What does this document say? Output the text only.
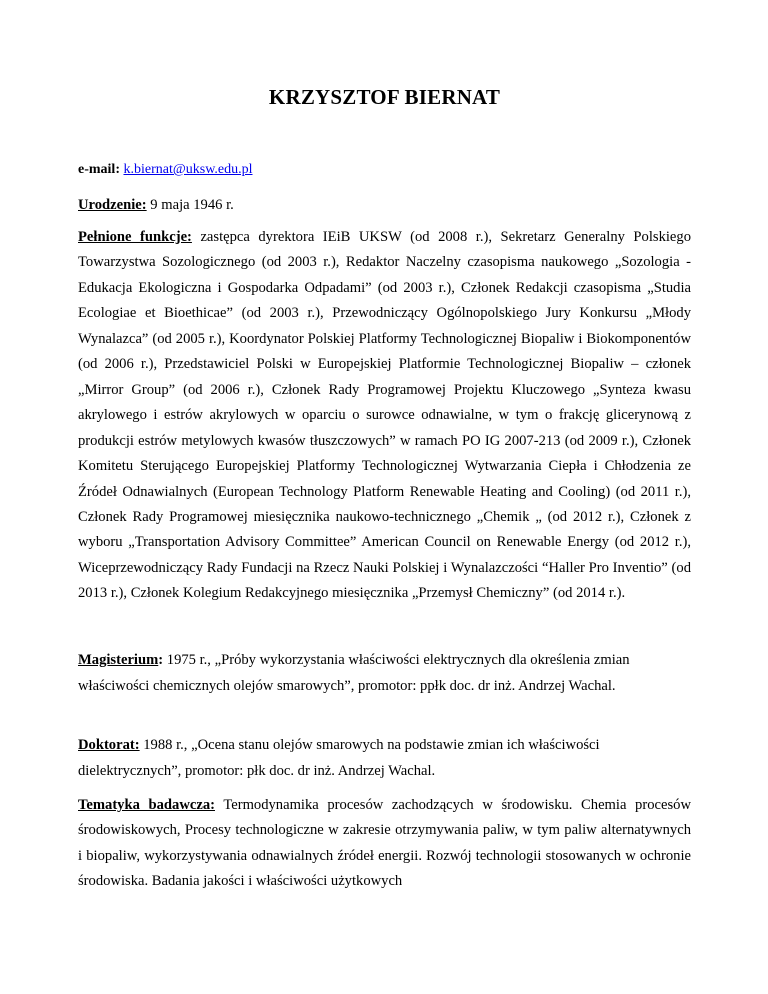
KRZYSZTOF BIERNAT
e-mail: k.biernat@uksw.edu.pl
Urodzenie: 9 maja 1946 r.
Pełnione funkcje: zastępca dyrektora IEiB UKSW (od 2008 r.), Sekretarz Generalny Polskiego Towarzystwa Sozologicznego (od 2003 r.), Redaktor Naczelny czasopisma naukowego „Sozologia - Edukacja Ekologiczna i Gospodarka Odpadami” (od 2003 r.), Członek Redakcji czasopisma „Studia Ecologiae et Bioethicae” (od 2003 r.), Przewodniczący Ogólnopolskiego Jury Konkursu „Młody Wynalazca” (od 2005 r.), Koordynator Polskiej Platformy Technologicznej Biopaliw i Biokomponentów (od 2006 r.), Przedstawiciel Polski w Europejskiej Platformie Technologicznej Biopaliw – członek „Mirror Group” (od 2006 r.), Członek Rady Programowej Projektu Kluczowego „Synteza kwasu akrylowego i estrów akrylowych w oparciu o surowce odnawialne, w tym o frakcję glicerynową z produkcji estrów metylowych kwasów tłuszczowych” w ramach PO IG 2007-213 (od 2009 r.), Członek Komitetu Sterującego Europejskiej Platformy Technologicznej Wytwarzania Ciepła i Chłodzenia ze Źródeł Odnawialnych (European Technology Platform Renewable Heating and Cooling) (od 2011 r.), Członek Rady Programowej miesięcznika naukowo-technicznego „Chemik „ (od 2012 r.), Członek z wyboru „Transportation Advisory Committee” American Council on Renewable Energy (od 2012 r.), Wiceprzewodniczący Rady Fundacji na Rzecz Nauki Polskiej i Wynalazczości “Haller Pro Inventio” (od 2013 r.), Członek Kolegium Redakcyjnego miesięcznika „Przemysł Chemiczny” (od 2014 r.).
Magisterium: 1975 r., „Próby wykorzystania właściwości elektrycznych dla określenia zmian właściwości chemicznych olejów smarowych”, promotor: ppłk doc. dr inż. Andrzej Wachal.
Doktorat: 1988 r., „Ocena stanu olejów smarowych na podstawie zmian ich właściwości dielektrycznych”, promotor: płk doc. dr inż. Andrzej Wachal.
Tematyka badawcza: Termodynamika procesów zachodzących w środowisku. Chemia procesów środowiskowych, Procesy technologiczne w zakresie otrzymywania paliw, w tym paliw alternatywnych i biopaliw, wykorzystywania odnawialnych źródeł energii. Rozwój technologii stosowanych w ochronie środowiska. Badania jakości i właściwości użytkowych
